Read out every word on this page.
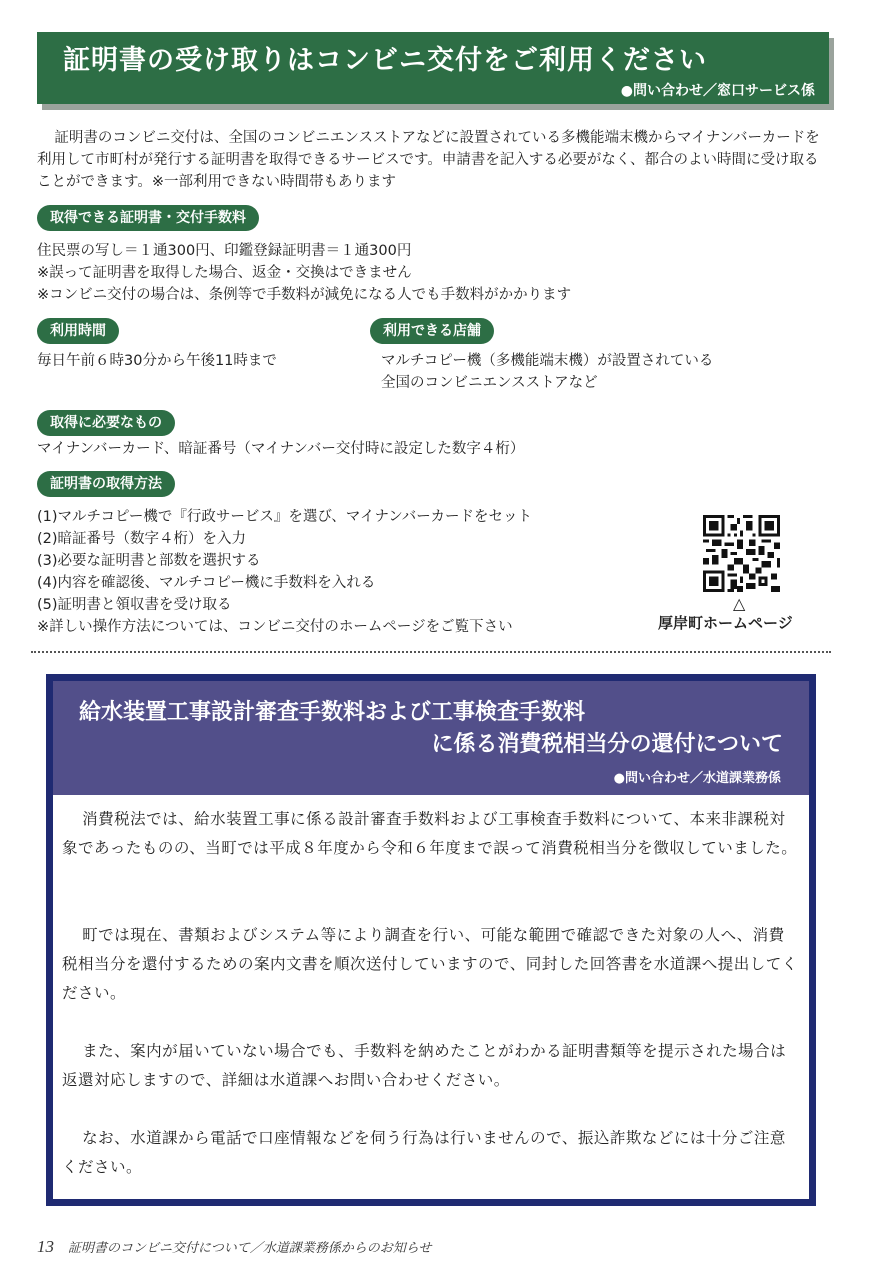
証明書の受け取りはコンビニ交付をご利用ください
●問い合わせ／窓口サービス係
証明書のコンビニ交付は、全国のコンビニエンスストアなどに設置されている多機能端末機からマイナンバーカードを利用して市町村が発行する証明書を取得できるサービスです。申請書を記入する必要がなく、都合のよい時間に受け取ることができます。※一部利用できない時間帯もあります
取得できる証明書・交付手数料
住民票の写し＝１通300円、印鑑登録証明書＝１通300円
※誤って証明書を取得した場合、返金・交換はできません
※コンビニ交付の場合は、条例等で手数料が減免になる人でも手数料がかかります
利用時間
毎日午前６時30分から午後11時まで
利用できる店舗
マルチコピー機（多機能端末機）が設置されている
全国のコンビニエンスストアなど
取得に必要なもの
マイナンバーカード、暗証番号（マイナンバー交付時に設定した数字４桁）
証明書の取得方法
(1)マルチコピー機で『行政サービス』を選び、マイナンバーカードをセット
(2)暗証番号（数字４桁）を入力
(3)必要な証明書と部数を選択する
(4)内容を確認後、マルチコピー機に手数料を入れる
(5)証明書と領収書を受け取る
※詳しい操作方法については、コンビニ交付のホームページをご覧下さい
△
厚岸町ホームページ
給水装置工事設計審査手数料および工事検査手数料
に係る消費税相当分の還付について
●問い合わせ／水道課業務係
消費税法では、給水装置工事に係る設計審査手数料および工事検査手数料について、本来非課税対象であったものの、当町では平成８年度から令和６年度まで誤って消費税相当分を徴収していました。
町では現在、書類およびシステム等により調査を行い、可能な範囲で確認できた対象の人へ、消費税相当分を還付するための案内文書を順次送付していますので、同封した回答書を水道課へ提出してください。
また、案内が届いていない場合でも、手数料を納めたことがわかる証明書類等を提示された場合は返還対応しますので、詳細は水道課へお問い合わせください。
なお、水道課から電話で口座情報などを伺う行為は行いませんので、振込詐欺などには十分ご注意ください。
13 証明書のコンビニ交付について／水道課業務係からのお知らせ
